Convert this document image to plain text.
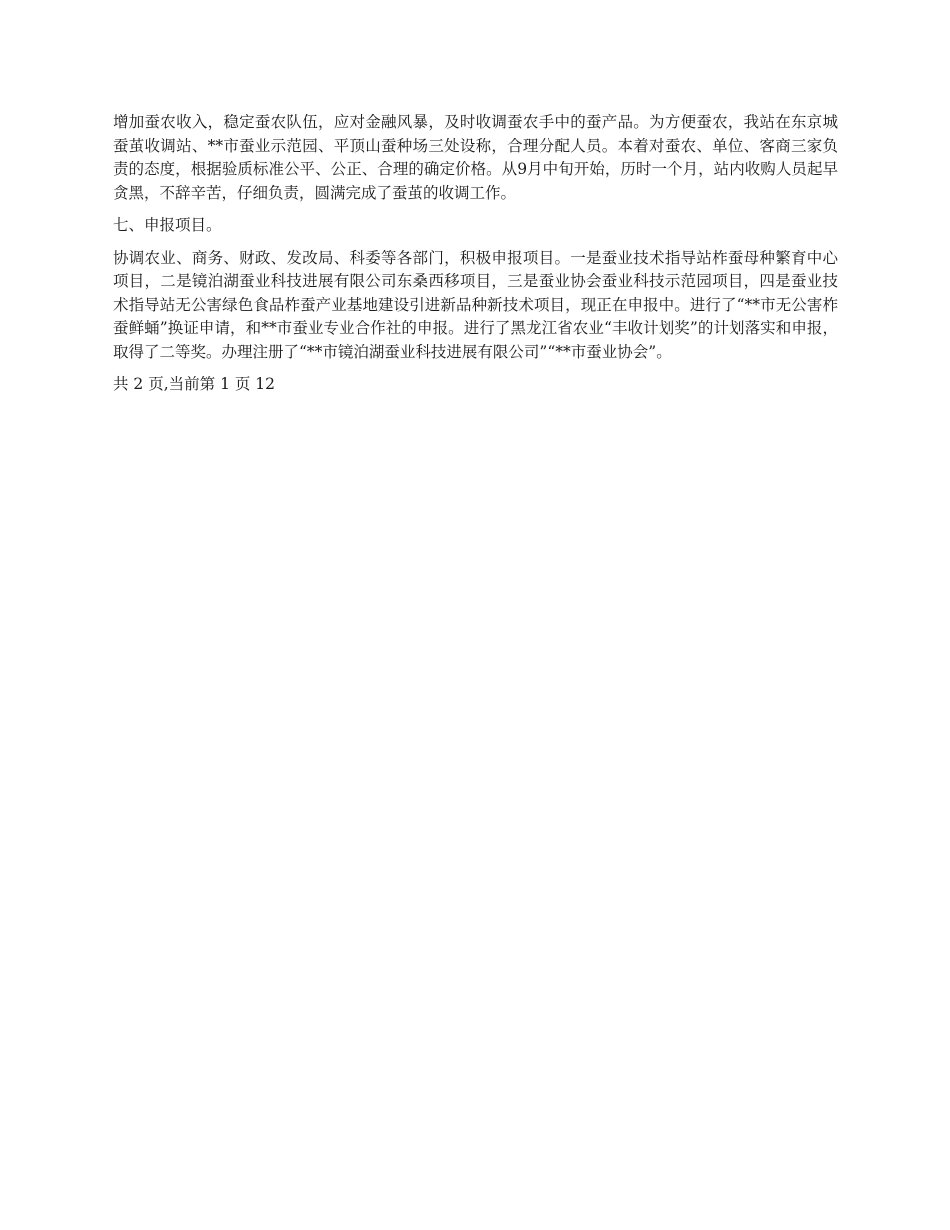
增加蚕农收入，稳定蚕农队伍，应对金融风暴，及时收调蚕农手中的蚕产品。为方便蚕农，我站在东京城蚕茧收调站、**市蚕业示范园、平顶山蚕种场三处设称，合理分配人员。本着对蚕农、单位、客商三家负责的态度，根据验质标准公平、公正、合理的确定价格。从9月中旬开始，历时一个月，站内收购人员起早贪黑，不辞辛苦，仔细负责，圆满完成了蚕茧的收调工作。

七、申报项目。

协调农业、商务、财政、发改局、科委等各部门，积极申报项目。一是蚕业技术指导站柞蚕母种繁育中心项目，二是镜泊湖蚕业科技进展有限公司东桑西移项目，三是蚕业协会蚕业科技示范园项目，四是蚕业技术指导站无公害绿色食品柞蚕产业基地建设引进新品种新技术项目，现正在申报中。进行了“**市无公害柞蚕鲜蛹”换证申请，和**市蚕业专业合作社的申报。进行了黑龙江省农业“丰收计划奖”的计划落实和申报，取得了二等奖。办理注册了“**市镜泊湖蚕业科技进展有限公司”“**市蚕业协会”。

共 2 页,当前第 1 页 12
